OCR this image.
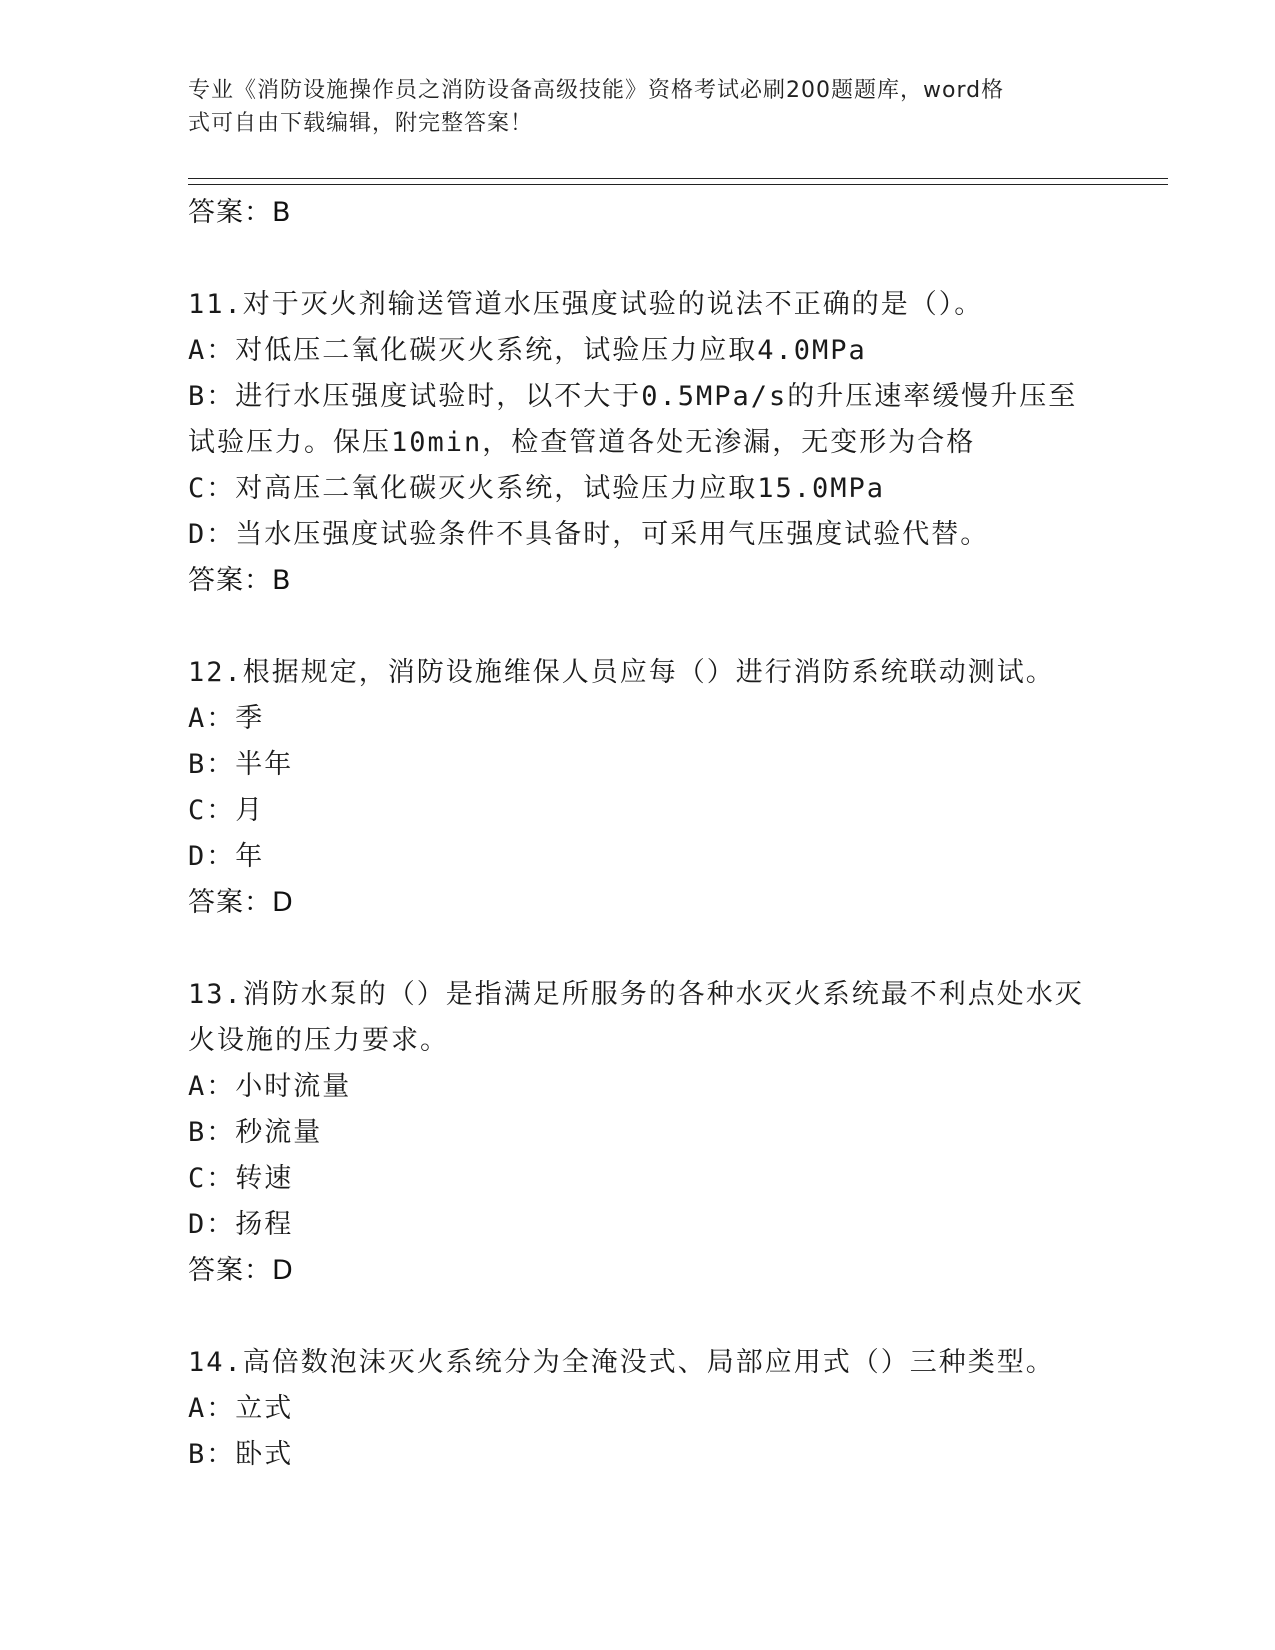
专业《消防设施操作员之消防设备高级技能》资格考试必刷200题题库，word格
式可自由下载编辑，附完整答案！
答案：B
11.对于灭火剂输送管道水压强度试验的说法不正确的是（）。
A：对低压二氧化碳灭火系统，试验压力应取4.0MPa
B：进行水压强度试验时，以不大于0.5MPa/s的升压速率缓慢升压至
试验压力。保压10min，检查管道各处无渗漏，无变形为合格
C：对高压二氧化碳灭火系统，试验压力应取15.0MPa
D：当水压强度试验条件不具备时，可采用气压强度试验代替。
答案：B
12.根据规定，消防设施维保人员应每（）进行消防系统联动测试。
A：季
B：半年
C：月
D：年
答案：D
13.消防水泵的（）是指满足所服务的各种水灭火系统最不利点处水灭
火设施的压力要求。
A：小时流量
B：秒流量
C：转速
D：扬程
答案：D
14.高倍数泡沫灭火系统分为全淹没式、局部应用式（）三种类型。
A：立式
B：卧式
